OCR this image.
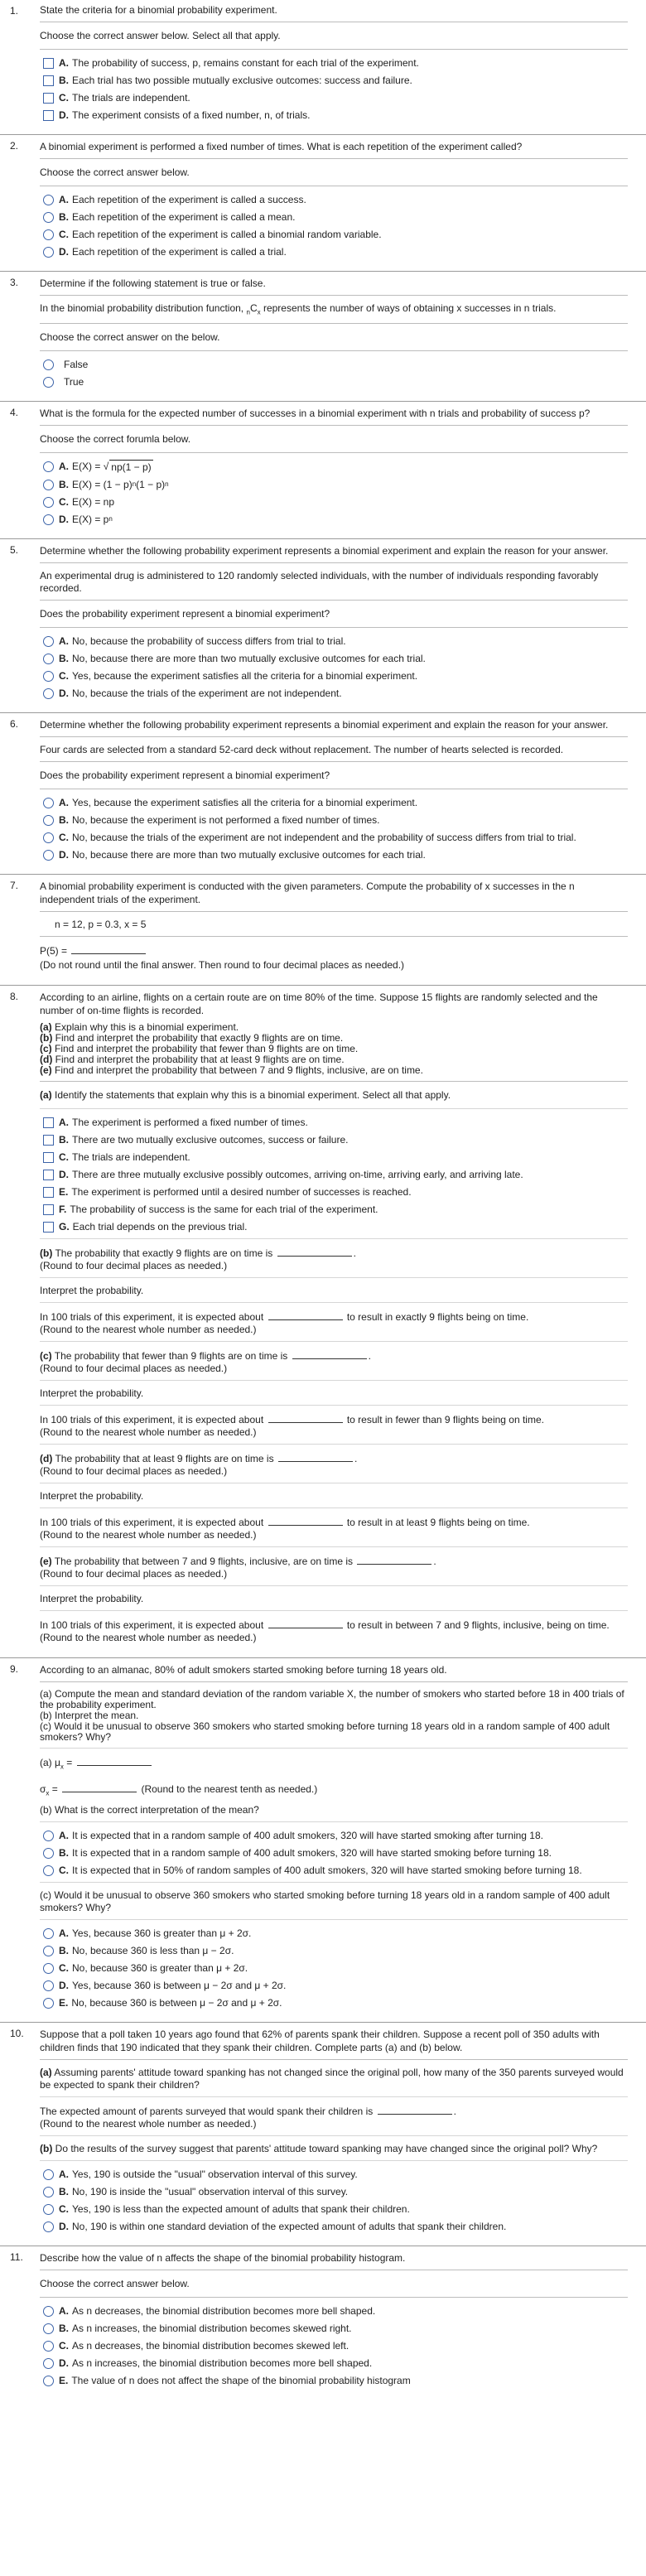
1. State the criteria for a binomial probability experiment.
Choose the correct answer below. Select all that apply.
A. The probability of success, p, remains constant for each trial of the experiment.
B. Each trial has two possible mutually exclusive outcomes: success and failure.
C. The trials are independent.
D. The experiment consists of a fixed number, n, of trials.
2. A binomial experiment is performed a fixed number of times. What is each repetition of the experiment called?
Choose the correct answer below.
A. Each repetition of the experiment is called a success.
B. Each repetition of the experiment is called a mean.
C. Each repetition of the experiment is called a binomial random variable.
D. Each repetition of the experiment is called a trial.
3. Determine if the following statement is true or false.
In the binomial probability distribution function, $_nC_x$ represents the number of ways of obtaining x successes in n trials.
Choose the correct answer on the below.
False
True
4. What is the formula for the expected number of successes in a binomial experiment with n trials and probability of success p?
Choose the correct forumla below.
A. E(X) =
√ np(1 − p)
B. E(X) = (1 − p) n (1 − p) n
C. E(X) = np
D. E(X) = p n
5. Determine whether the following probability experiment represents a binomial experiment and explain the reason for your answer.
An experimental drug is administered to 120 randomly selected individuals, with the number of individuals responding favorably recorded.
Does the probability experiment represent a binomial experiment?
A. No, because the probability of success differs from trial to trial.
B. No, because there are more than two mutually exclusive outcomes for each trial.
C. Yes, because the experiment satisfies all the criteria for a binomial experiment.
D. No, because the trials of the experiment are not independent.
6. Determine whether the following probability experiment represents a binomial experiment and explain the reason for your answer.
Four cards are selected from a standard 52-card deck without replacement. The number of hearts selected is recorded.
Does the probability experiment represent a binomial experiment?
A. Yes, because the experiment satisfies all the criteria for a binomial experiment.
B. No, because the experiment is not performed a fixed number of times.
C. No, because the trials of the experiment are not independent and the probability of success differs from trial to trial.
D. No, because there are more than two mutually exclusive outcomes for each trial.
7. A binomial probability experiment is conducted with the given parameters. Compute the probability of x successes in the n independent trials of the experiment.
n = 12, p = 0.3, x = 5
P(5) =
(Do not round until the final answer. Then round to four decimal places as needed.)
8. According to an airline, flights on a certain route are on time 80% of the time. Suppose 15 flights are randomly selected and the number of on-time flights is recorded.
(a) Explain why this is a binomial experiment.
(b) Find and interpret the probability that exactly 9 flights are on time.
(c) Find and interpret the probability that fewer than 9 flights are on time.
(d) Find and interpret the probability that at least 9 flights are on time.
(e) Find and interpret the probability that between 7 and 9 flights, inclusive, are on time.
(a) Identify the statements that explain why this is a binomial experiment. Select all that apply.
A. The experiment is performed a fixed number of times.
B. There are two mutually exclusive outcomes, success or failure.
C. The trials are independent.
D. There are three mutually exclusive possibly outcomes, arriving on-time, arriving early, and arriving late.
E. The experiment is performed until a desired number of successes is reached.
F. The probability of success is the same for each trial of the experiment.
G. Each trial depends on the previous trial.
(b) The probability that exactly 9 flights are on time is	.
(Round to four decimal places as needed.)
Interpret the probability.
In 100 trials of this experiment, it is expected about	to result in exactly 9 flights being on time.
(Round to the nearest whole number as needed.)
(c) The probability that fewer than 9 flights are on time is	.
(Round to four decimal places as needed.)
Interpret the probability.
In 100 trials of this experiment, it is expected about	to result in fewer than 9 flights being on time.
(Round to the nearest whole number as needed.)
(d) The probability that at least 9 flights are on time is	.
(Round to four decimal places as needed.)
Interpret the probability.
In 100 trials of this experiment, it is expected about	to result in at least 9 flights being on time.
(Round to the nearest whole number as needed.)
(e) The probability that between 7 and 9 flights, inclusive, are on time is	.
(Round to four decimal places as needed.)
Interpret the probability.
In 100 trials of this experiment, it is expected about	to result in between 7 and 9 flights, inclusive, being on time.
(Round to the nearest whole number as needed.)
9. According to an almanac, 80% of adult smokers started smoking before turning 18 years old.
(a) Compute the mean and standard deviation of the random variable X, the number of smokers who started before 18 in 400 trials of the probability experiment.
(b) Interpret the mean.
(c) Would it be unusual to observe 360 smokers who started smoking before turning 18 years old in a random sample of 400 adult smokers? Why?
(a) $\mu_x$ =
$\sigma_x$ =	(Round to the nearest tenth as needed.)
(b) What is the correct interpretation of the mean?
A. It is expected that in a random sample of 400 adult smokers, 320 will have started smoking after turning 18.
B. It is expected that in a random sample of 400 adult smokers, 320 will have started smoking before turning 18.
C. It is expected that in 50% of random samples of 400 adult smokers, 320 will have started smoking before turning 18.
(c) Would it be unusual to observe 360 smokers who started smoking before turning 18 years old in a random sample of 400 adult smokers? Why?
A. Yes, because 360 is greater than μ + 2σ.
B. No, because 360 is less than μ − 2σ.
C. No, because 360 is greater than μ + 2σ.
D. Yes, because 360 is between μ − 2σ and μ + 2σ.
E. No, because 360 is between μ − 2σ and μ + 2σ.
10. Suppose that a poll taken 10 years ago found that 62% of parents spank their children. Suppose a recent poll of 350 adults with children finds that 190 indicated that they spank their children. Complete parts (a) and (b) below.
(a) Assuming parents' attitude toward spanking has not changed since the original poll, how many of the 350 parents surveyed would be expected to spank their children?
The expected amount of parents surveyed that would spank their children is	.
(Round to the nearest whole number as needed.)
(b) Do the results of the survey suggest that parents' attitude toward spanking may have changed since the original poll? Why?
A. Yes, 190 is outside the "usual" observation interval of this survey.
B. No, 190 is inside the "usual" observation interval of this survey.
C. Yes, 190 is less than the expected amount of adults that spank their children.
D. No, 190 is within one standard deviation of the expected amount of adults that spank their children.
11. Describe how the value of n affects the shape of the binomial probability histogram.
Choose the correct answer below.
A. As n decreases, the binomial distribution becomes more bell shaped.
B. As n increases, the binomial distribution becomes skewed right.
C. As n decreases, the binomial distribution becomes skewed left.
D. As n increases, the binomial distribution becomes more bell shaped.
E. The value of n does not affect the shape of the binomial probability histogram
